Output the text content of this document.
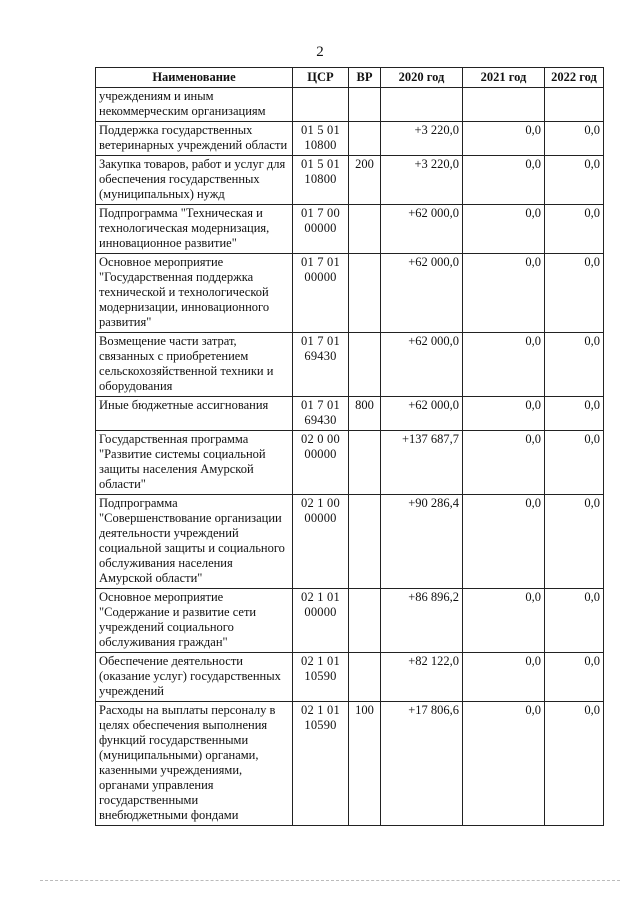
2
Наименование	ЦСР	ВР	2020 год	2021 год	2022 год
учреждениям и иным некоммерческим организациям					
Поддержка государственных ветеринарных учреждений области	01 5 01 10800		+3 220,0	0,0	0,0
Закупка товаров, работ и услуг для обеспечения государственных (муниципальных) нужд	01 5 01 10800	200	+3 220,0	0,0	0,0
Подпрограмма "Техническая и технологическая модернизация, инновационное развитие"	01 7 00 00000		+62 000,0	0,0	0,0
Основное мероприятие "Государственная поддержка технической и технологической модернизации, инновационного развития"	01 7 01 00000		+62 000,0	0,0	0,0
Возмещение части затрат, связанных с приобретением сельскохозяйственной техники и оборудования	01 7 01 69430		+62 000,0	0,0	0,0
Иные бюджетные ассигнования	01 7 01 69430	800	+62 000,0	0,0	0,0
Государственная программа "Развитие системы социальной защиты населения Амурской области"	02 0 00 00000		+137 687,7	0,0	0,0
Подпрограмма "Совершенствование организации деятельности учреждений социальной защиты и социального обслуживания населения Амурской области"	02 1 00 00000		+90 286,4	0,0	0,0
Основное мероприятие "Содержание и развитие сети учреждений социального обслуживания граждан"	02 1 01 00000		+86 896,2	0,0	0,0
Обеспечение деятельности (оказание услуг) государственных учреждений	02 1 01 10590		+82 122,0	0,0	0,0
Расходы на выплаты персоналу в целях обеспечения выполнения функций государственными (муниципальными) органами, казенными учреждениями, органами управления государственными внебюджетными фондами	02 1 01 10590	100	+17 806,6	0,0	0,0
